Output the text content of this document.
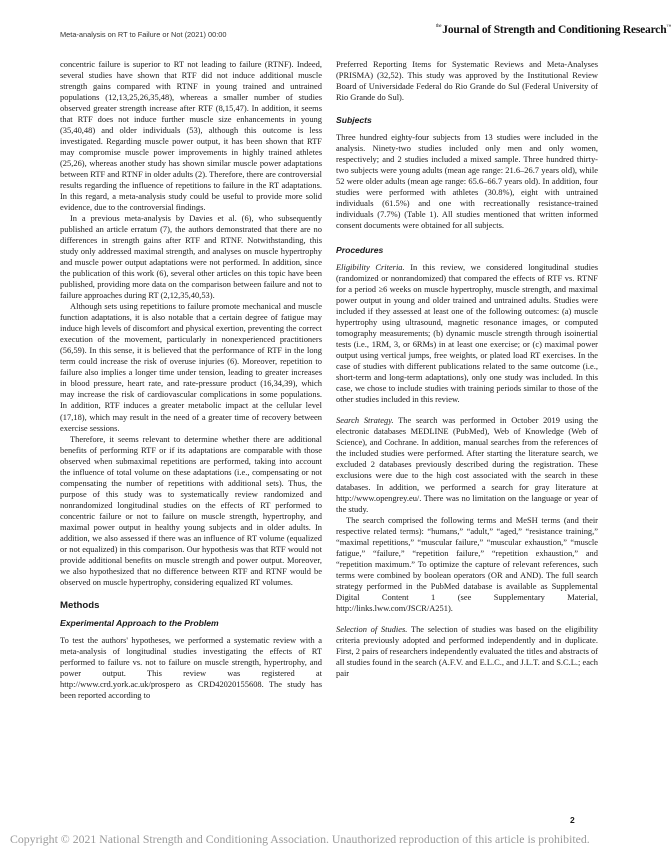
Meta-analysis on RT to Failure or Not (2021) 00:00
$^{the}$Journal of Strength and Conditioning Research™

concentric failure is superior to RT not leading to failure (RTNF). Indeed, several studies have shown that RTF did not induce additional muscle strength gains compared with RTNF in young trained and untrained populations (12,13,25,26,35,48), whereas a smaller number of studies observed greater strength increase after RTF (8,15,47). In addition, it seems that RTF does not induce further muscle size enhancements in young (35,40,48) and older individuals (53), although this outcome is less investigated. Regarding muscle power output, it has been shown that RTF may compromise muscle power improvements in highly trained athletes (25,26), whereas another study has shown similar muscle power adaptations between RTF and RTNF in older adults (2). Therefore, there are controversial results regarding the influence of repetitions to failure in the RT adaptations. In this regard, a meta-analysis study could be useful to provide more solid evidence, due to the controversial findings.

In a previous meta-analysis by Davies et al. (6), who subsequently published an article erratum (7), the authors demonstrated that there are no differences in strength gains after RTF and RTNF. Notwithstanding, this study only addressed maximal strength, and analyses on muscle hypertrophy and muscle power output adaptations were not performed. In addition, since the publication of this work (6), several other articles on this topic have been published, providing more data on the comparison between failure and not to failure approaches during RT (2,12,35,40,53).

Although sets using repetitions to failure promote mechanical and muscle function adaptations, it is also notable that a certain degree of fatigue may induce high levels of discomfort and physical exertion, preventing the correct execution of the movement, particularly in nonexperienced practitioners (56,59). In this sense, it is believed that the performance of RTF in the long term could increase the risk of overuse injuries (6). Moreover, repetition to failure also implies a longer time under tension, leading to greater increases in blood pressure, heart rate, and rate-pressure product (16,34,39), which may increase the risk of cardiovascular complications in some populations. In addition, RTF induces a greater metabolic impact at the cellular level (17,18), which may result in the need of a greater time of recovery between exercise sessions.

Therefore, it seems relevant to determine whether there are additional benefits of performing RTF or if its adaptations are comparable with those observed when submaximal repetitions are performed, taking into account the influence of total volume on these adaptations (i.e., compensating or not compensating the number of repetitions with additional sets). Thus, the purpose of this study was to systematically review randomized and nonrandomized longitudinal studies on the effects of RT performed to concentric failure or not to failure on muscle strength, hypertrophy, and maximal power output in healthy young subjects and in older adults. In addition, we also assessed if there was an influence of RT volume (equalized or not equalized) in this comparison. Our hypothesis was that RTF would not provide additional benefits on muscle strength and power output. Moreover, we also hypothesized that no difference between RTF and RTNF would be observed on muscle hypertrophy, considering equalized RT volumes.

Methods
Experimental Approach to the Problem

To test the authors' hypotheses, we performed a systematic review with a meta-analysis of longitudinal studies investigating the effects of RT performed to failure vs. not to failure on muscle strength, hypertrophy, and power output. This review was registered at http://www.crd.york.ac.uk/prospero as CRD42020155608. The study has been reported according to

Preferred Reporting Items for Systematic Reviews and Meta-Analyses (PRISMA) (32,52). This study was approved by the Institutional Review Board of Universidade Federal do Rio Grande do Sul (Federal University of Rio Grande do Sul).

Subjects

Three hundred eighty-four subjects from 13 studies were included in the analysis. Ninety-two studies included only men and only women, respectively; and 2 studies included a mixed sample. Three hundred thirty-two subjects were young adults (mean age range: 21.6–26.7 years old), while 52 were older adults (mean age range: 65.6–66.7 years old). In addition, four studies were performed with athletes (30.8%), eight with untrained individuals (61.5%) and one with recreationally resistance-trained individuals (7.7%) (Table 1). All studies mentioned that written informed consent documents were obtained for all subjects.

Procedures

Eligibility Criteria. In this review, we considered longitudinal studies (randomized or nonrandomized) that compared the effects of RTF vs. RTNF for a period ≥6 weeks on muscle hypertrophy, muscle strength, and maximal power output in young and older trained and untrained adults. Studies were included if they assessed at least one of the following outcomes: (a) muscle hypertrophy using ultrasound, magnetic resonance images, or computed tomography measurements; (b) dynamic muscle strength through isoinertial tests (i.e., 1RM, 3, or 6RMs) in at least one exercise; or (c) maximal power output using vertical jumps, free weights, or plated load RT exercises. In the case of studies with different publications related to the same outcome (i.e., short-term and long-term adaptations), only one study was included. In this case, we chose to include studies with training periods similar to those of the other studies included in this review.

Search Strategy. The search was performed in October 2019 using the electronic databases MEDLINE (PubMed), Web of Knowledge (Web of Science), and Cochrane. In addition, manual searches from the references of the included studies were performed. After starting the literature search, we excluded 2 databases previously described during the registration. These exclusions were due to the high cost associated with the search in these databases. In addition, we performed a search for gray literature at http://www.opengrey.eu/. There was no limitation on the language or year of the study.

The search comprised the following terms and MeSH terms (and their respective related terms): “humans,” “adult,” “aged,” “resistance training,” “maximal repetitions,” “muscular failure,” “muscular exhaustion,” “muscle fatigue,” “failure,” “repetition failure,” “repetition exhaustion,” and “repetition maximum.” To optimize the capture of relevant references, such terms were combined by boolean operators (OR and AND). The full search strategy performed in the PubMed database is available as Supplemental Digital Content 1 (see Supplementary Material, http://links.lww.com/JSCR/A251).

Selection of Studies. The selection of studies was based on the eligibility criteria previously adopted and performed independently and in duplicate. First, 2 pairs of researchers independently evaluated the titles and abstracts of all studies found in the search (A.F.V. and E.L.C., and J.L.T. and S.C.L.; each pair

2
Copyright © 2021 National Strength and Conditioning Association. Unauthorized reproduction of this article is prohibited.
